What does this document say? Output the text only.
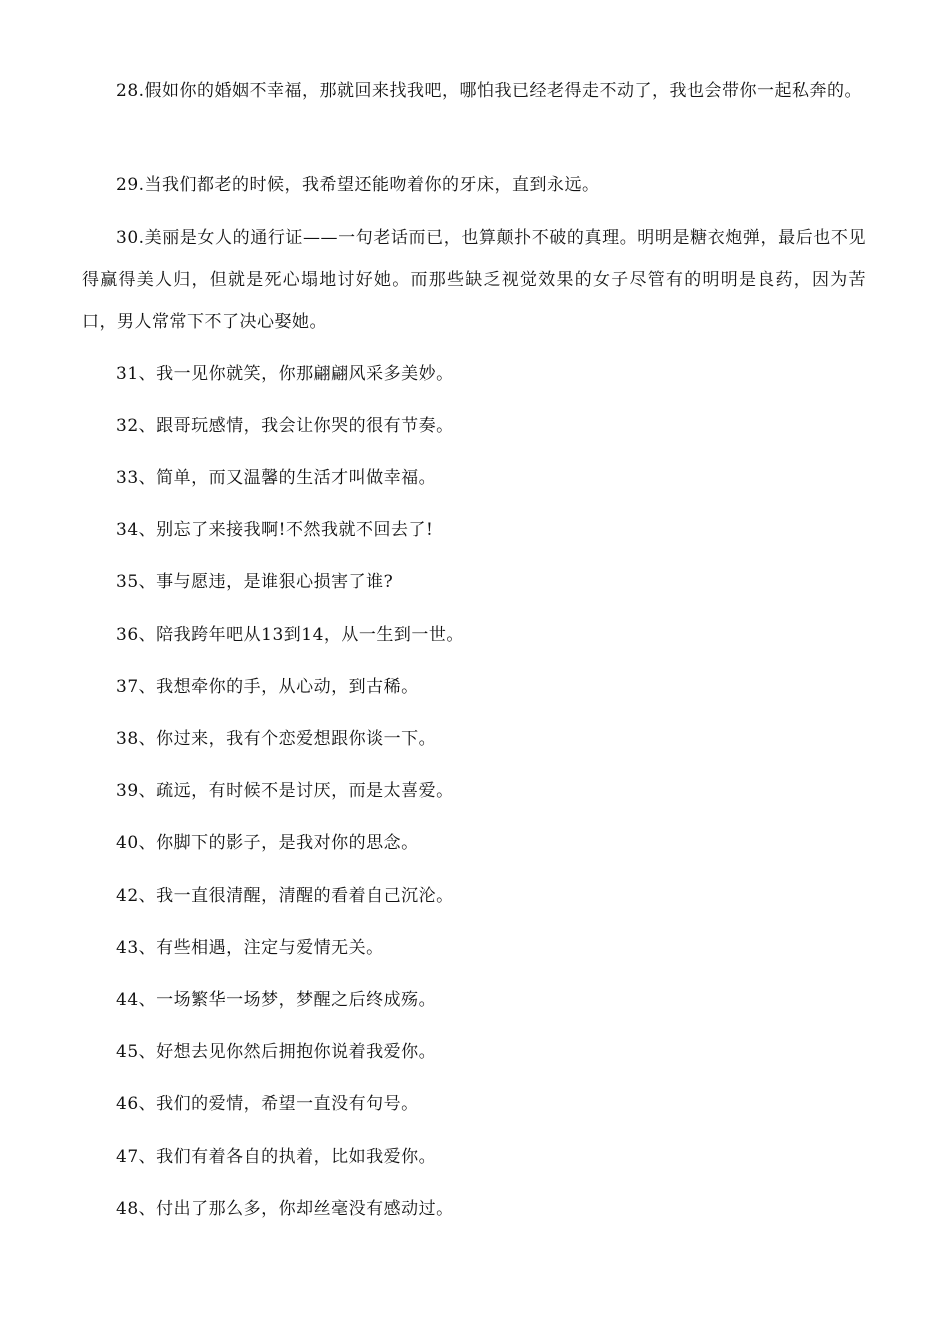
28.假如你的婚姻不幸福，那就回来找我吧，哪怕我已经老得走不动了，我也会带你一起私奔的。

29.当我们都老的时候，我希望还能吻着你的牙床，直到永远。

30.美丽是女人的通行证——一句老话而已，也算颠扑不破的真理。明明是糖衣炮弹，最后也不见得赢得美人归，但就是死心塌地讨好她。而那些缺乏视觉效果的女子尽管有的明明是良药，因为苦口，男人常常下不了决心娶她。

31、我一见你就笑，你那翩翩风采多美妙。

32、跟哥玩感情，我会让你哭的很有节奏。

33、简单，而又温馨的生活才叫做幸福。

34、别忘了来接我啊!不然我就不回去了!

35、事与愿违，是谁狠心损害了谁?

36、陪我跨年吧从13到14，从一生到一世。

37、我想牵你的手，从心动，到古稀。

38、你过来，我有个恋爱想跟你谈一下。

39、疏远，有时候不是讨厌，而是太喜爱。

40、你脚下的影子，是我对你的思念。

42、我一直很清醒，清醒的看着自己沉沦。

43、有些相遇，注定与爱情无关。

44、一场繁华一场梦，梦醒之后终成殇。

45、好想去见你然后拥抱你说着我爱你。

46、我们的爱情，希望一直没有句号。

47、我们有着各自的执着，比如我爱你。

48、付出了那么多，你却丝毫没有感动过。
